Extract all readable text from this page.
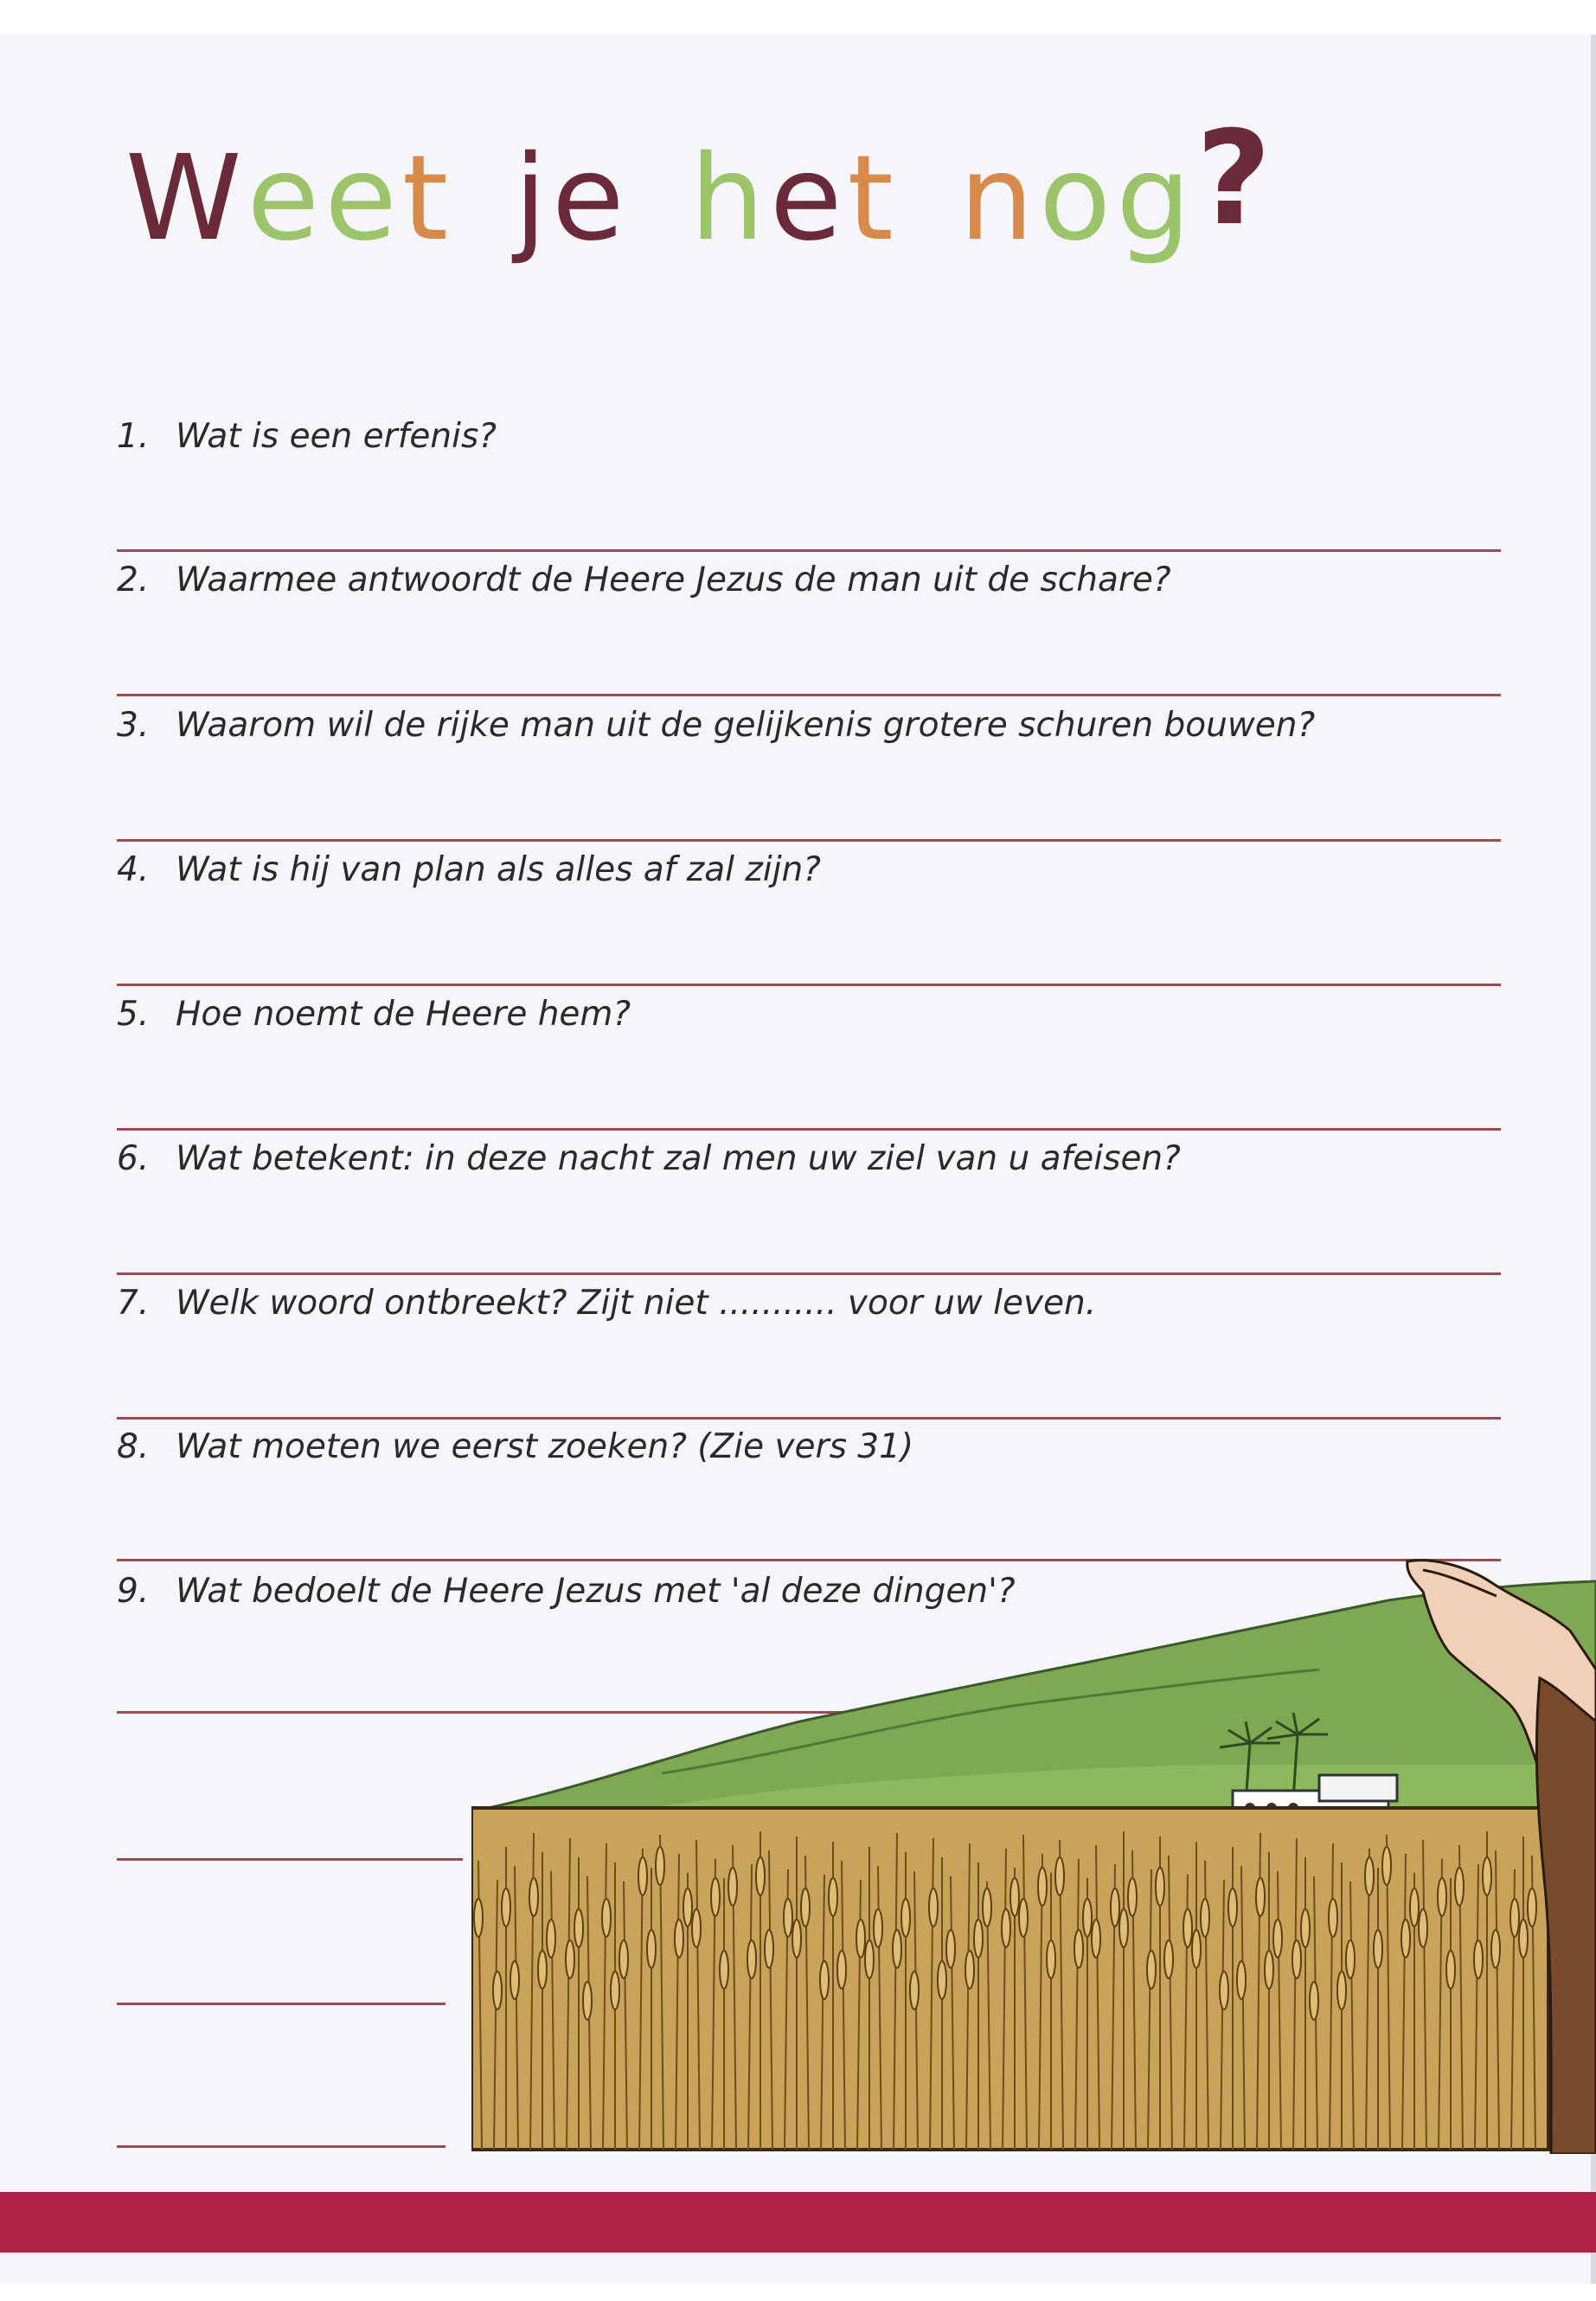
Weet je het nog?
1. Wat is een erfenis?
2. Waarmee antwoordt de Heere Jezus de man uit de schare?
3. Waarom wil de rijke man uit de gelijkenis grotere schuren bouwen?
4. Wat is hij van plan als alles af zal zijn?
5. Hoe noemt de Heere hem?
6. Wat betekent: in deze nacht zal men uw ziel van u afeisen?
7. Welk woord ontbreekt? Zijt niet ........... voor uw leven.
8. Wat moeten we eerst zoeken? (Zie vers 31)
9. Wat bedoelt de Heere Jezus met 'al deze dingen'?
